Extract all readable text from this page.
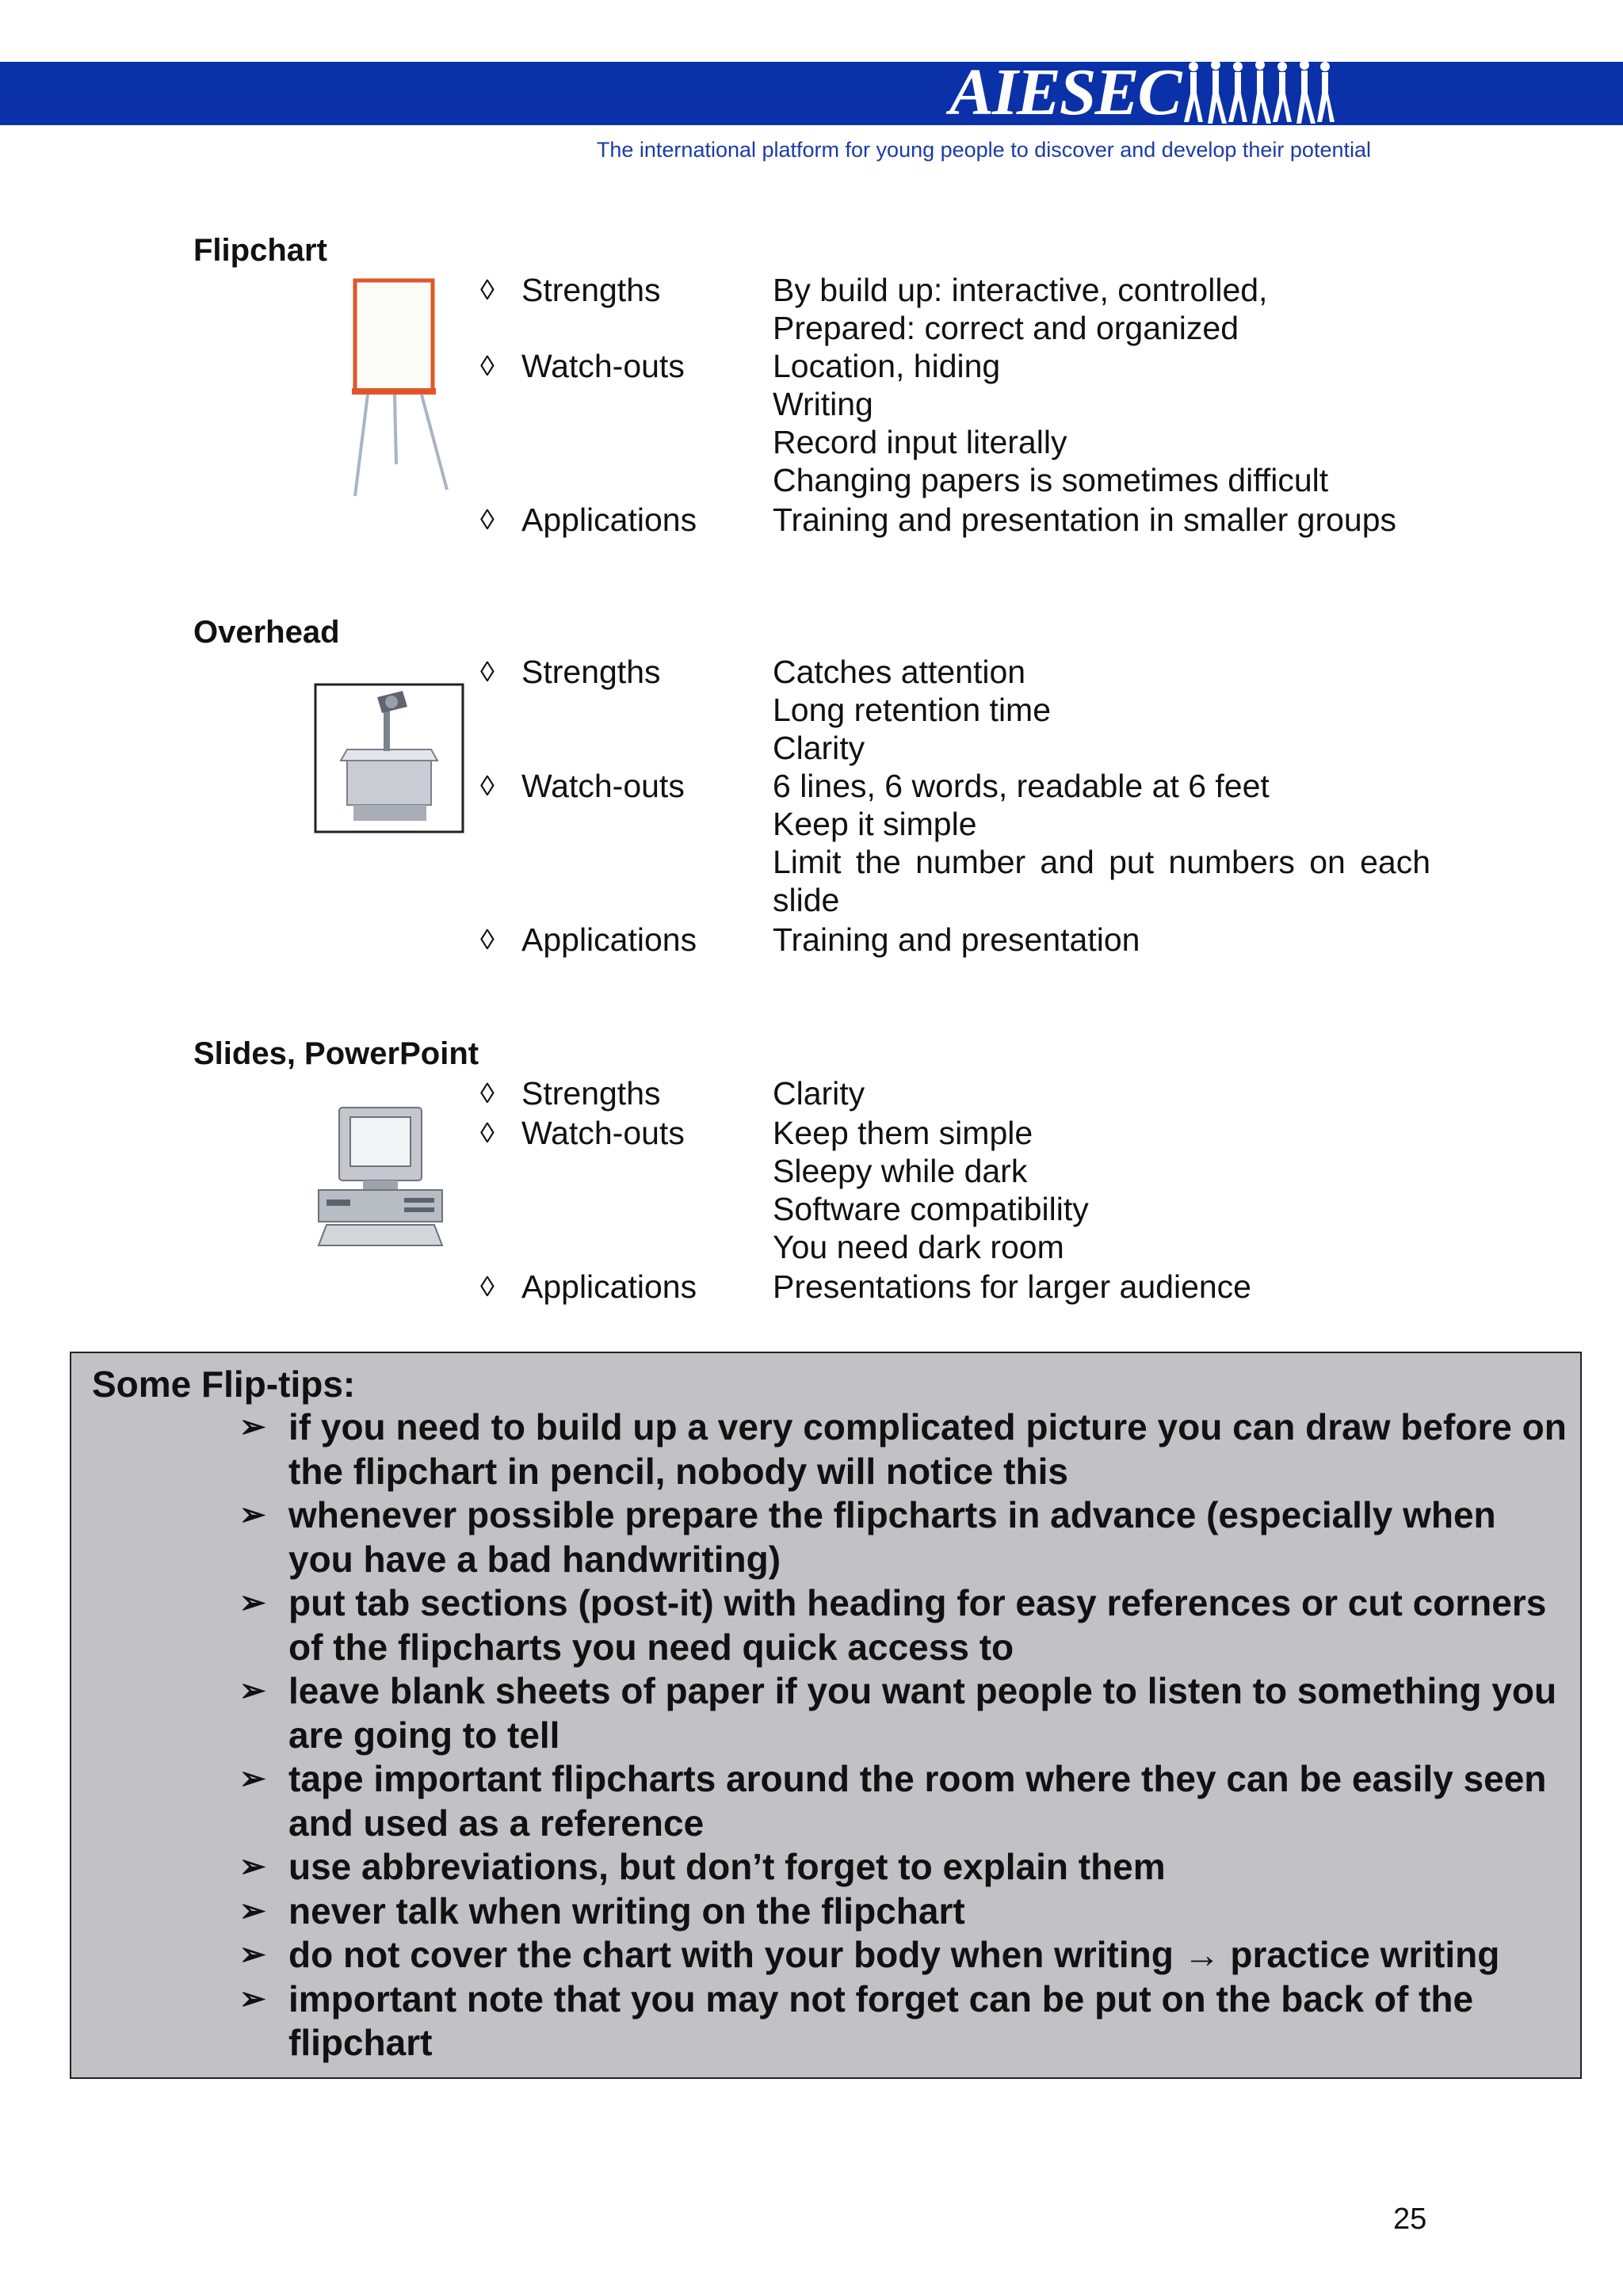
AIESEC
The international platform for young people to discover and develop their potential
Flipchart
◊ Strengths	By build up: interactive, controlled,
Prepared: correct and organized
◊ Watch-outs	Location, hiding
Writing
Record input literally
Changing papers is sometimes difficult
◊ Applications Training and presentation in smaller groups
Overhead
◊ Strengths	Catches attention
Long retention time
Clarity
◊ Watch-outs	6 lines, 6 words, readable at 6 feet
Keep it simple
Limit the number and put numbers on each slide
◊ Applications Training and presentation
Slides, PowerPoint
◊ Strengths	Clarity
◊ Watch-outs	Keep them simple
Sleepy while dark
Software compatibility
You need dark room
◊ Applications Presentations for larger audience
Some Flip-tips:
➢ if you need to build up a very complicated picture you can draw before on the flipchart in pencil, nobody will notice this
➢ whenever possible prepare the flipcharts in advance (especially when you have a bad handwriting)
➢ put tab sections (post-it) with heading for easy references or cut corners of the flipcharts you need quick access to
➢ leave blank sheets of paper if you want people to listen to something you are going to tell
➢ tape important flipcharts around the room where they can be easily seen and used as a reference
➢ use abbreviations, but don’t forget to explain them
➢ never talk when writing on the flipchart
➢ do not cover the chart with your body when writing → practice writing
➢ important note that you may not forget can be put on the back of the flipchart
25
